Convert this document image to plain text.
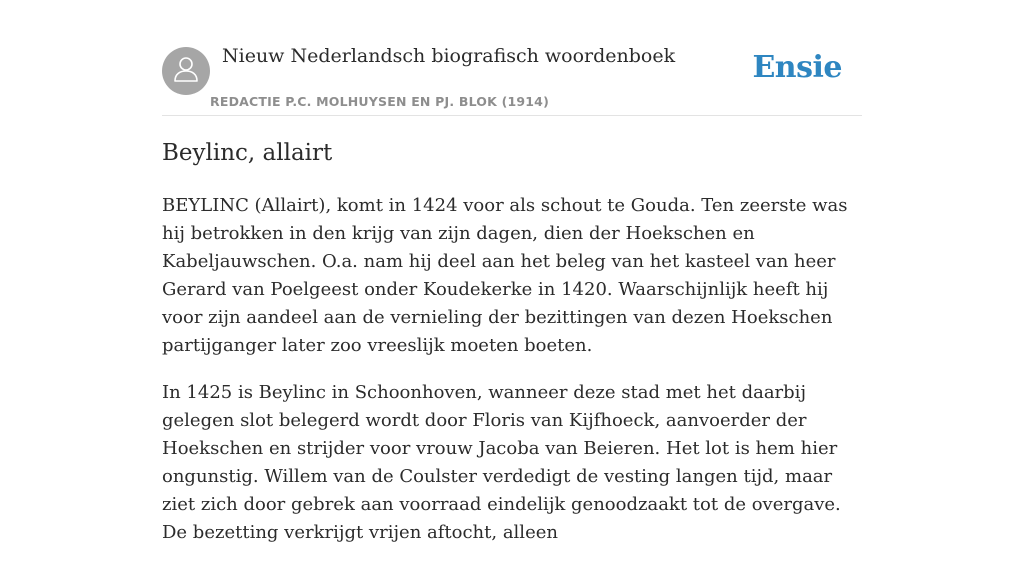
Nieuw Nederlandsch biografisch woordenboek
REDACTIE P.C. MOLHUYSEN EN PJ. BLOK (1914)
Ensie
Beylinc, allairt

BEYLINC (Allairt), komt in 1424 voor als schout te Gouda. Ten zeerste was hij betrokken in den krijg van zijn dagen, dien der Hoekschen en Kabeljauwschen. O.a. nam hij deel aan het beleg van het kasteel van heer Gerard van Poelgeest onder Koudekerke in 1420. Waarschijnlijk heeft hij voor zijn aandeel aan de vernieling der bezittingen van dezen Hoekschen partijganger later zoo vreeslijk moeten boeten.

In 1425 is Beylinc in Schoonhoven, wanneer deze stad met het daarbij gelegen slot belegerd wordt door Floris van Kijfhoeck, aanvoerder der Hoekschen en strijder voor vrouw Jacoba van Beieren. Het lot is hem hier ongunstig. Willem van de Coulster verdedigt de vesting langen tijd, maar ziet zich door gebrek aan voorraad eindelijk genoodzaakt tot de overgave. De bezetting verkrijgt vrijen aftocht, alleen
